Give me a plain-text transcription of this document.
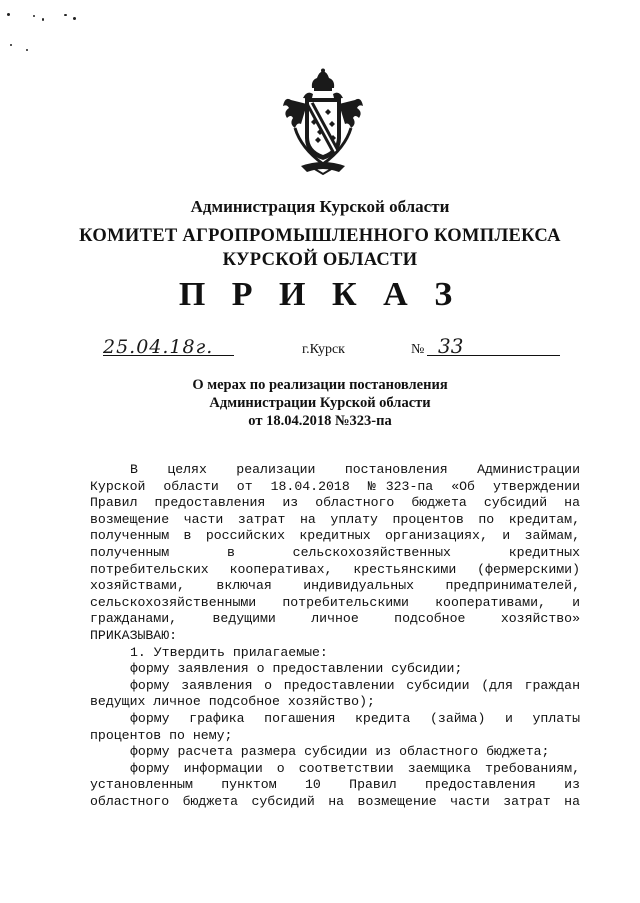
Администрация Курской области
КОМИТЕТ АГРОПРОМЫШЛЕННОГО КОМПЛЕКСА
КУРСКОЙ ОБЛАСТИ
П Р И К А З
25.04.18г.	г.Курск	№ 33
О мерах по реализации постановления
Администрации Курской области
от 18.04.2018 №323-па
В целях реализации постановления Администрации
Курской области от 18.04.2018 №323-па «Об утверждении
Правил предоставления из областного бюджета субсидий на
возмещение части затрат на уплату процентов по кредитам,
полученным в российских кредитных организациях, и займам,
полученным в сельскохозяйственных кредитных
потребительских кооперативах, крестьянскими (фермерскими)
хозяйствами, включая индивидуальных предпринимателей,
сельскохозяйственными потребительскими кооперативами, и
гражданами, ведущими личное подсобное хозяйство»
ПРИКАЗЫВАЮ:
1. Утвердить прилагаемые:
форму заявления о предоставлении субсидии;
форму заявления о предоставлении субсидии (для граждан
ведущих личное подсобное хозяйство);
форму графика погашения кредита (займа) и уплаты
процентов по нему;
форму расчета размера субсидии из областного бюджета;
форму информации о соответствии заемщика требованиям,
установленным пунктом 10 Правил предоставления из
областного бюджета субсидий на возмещение части затрат на
